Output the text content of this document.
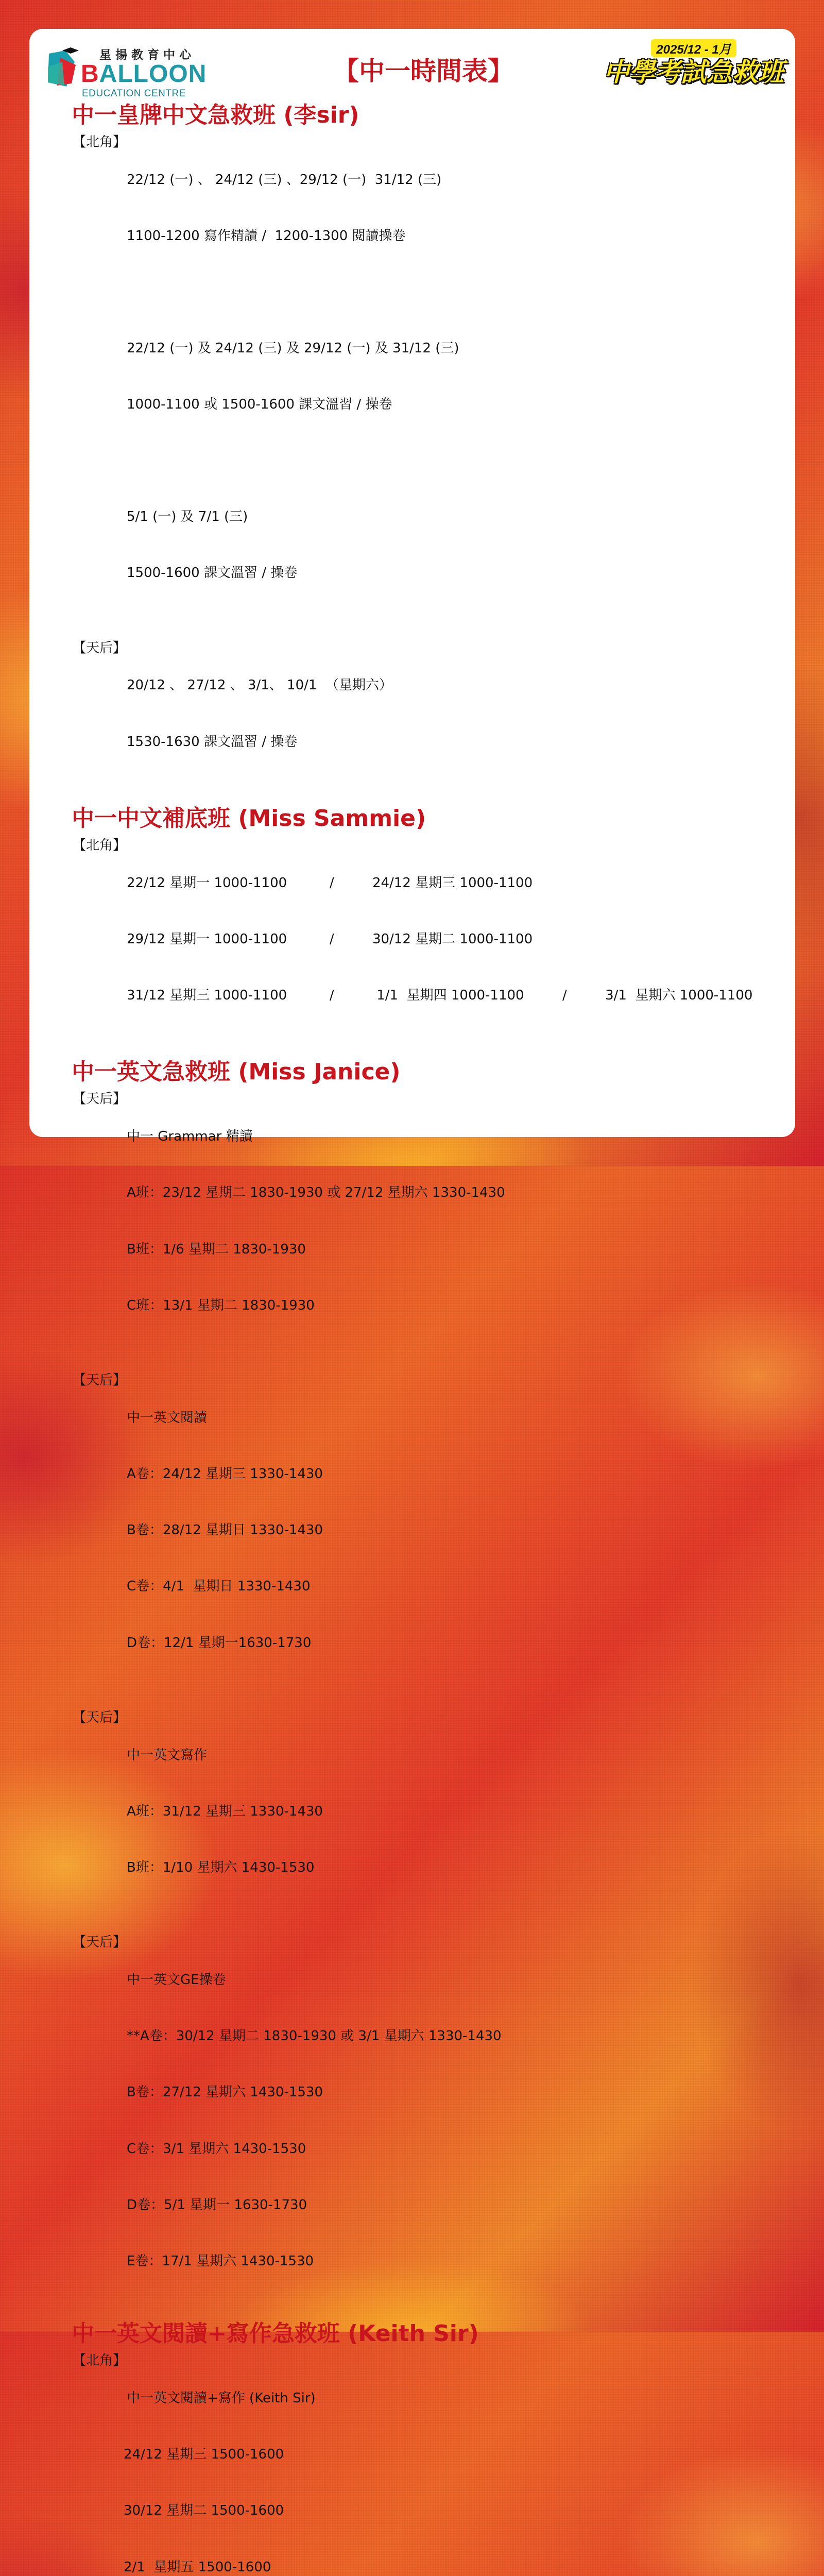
星揚教育中心
BALLOON
EDUCATION CENTRE
【中一時間表】
2025/12 - 1月
中學考試急救班
中一皇牌中文急救班 (李sir)
【北角】

22/12 (一) 、 24/12 (三) 、29/12 (一)  31/12 (三)

1100-1200 寫作精讀 /  1200-1300 閱讀操卷

22/12 (一) 及 24/12 (三) 及 29/12 (一) 及 31/12 (三)

1000-1100 或 1500-1600 課文溫習 / 操卷

5/1 (一) 及 7/1 (三)

1500-1600 課文溫習 / 操卷

【天后】

20/12 、 27/12 、 3/1、 10/1  （星期六）

1530-1630 課文溫習 / 操卷

中一中文補底班 (Miss Sammie)
【北角】

22/12 星期一 1000-1100          /         24/12 星期三 1000-1100

29/12 星期一 1000-1100          /         30/12 星期二 1000-1100

31/12 星期三 1000-1100          /          1/1  星期四 1000-1100         /         3/1  星期六 1000-1100

中一英文急救班 (Miss Janice)
【天后】

中一 Grammar 精讀

A班：23/12 星期二 1830-1930 或 27/12 星期六 1330-1430

B班：1/6 星期二 1830-1930

C班：13/1 星期二 1830-1930

【天后】

中一英文閱讀

A卷：24/12 星期三 1330-1430

B卷：28/12 星期日 1330-1430

C卷：4/1  星期日 1330-1430

D卷：12/1 星期一1630-1730

【天后】

中一英文寫作

A班：31/12 星期三 1330-1430

B班：1/10 星期六 1430-1530

【天后】

中一英文GE操卷

**A卷：30/12 星期二 1830-1930 或 3/1 星期六 1330-1430

B卷：27/12 星期六 1430-1530

C卷：3/1 星期六 1430-1530

D卷：5/1 星期一 1630-1730

E卷：17/1 星期六 1430-1530

中一英文閱讀+寫作急救班 (Keith Sir)
【北角】

中一英文閱讀+寫作 (Keith Sir)

24/12 星期三 1500-1600

30/12 星期二 1500-1600

2/1  星期五 1500-1600
